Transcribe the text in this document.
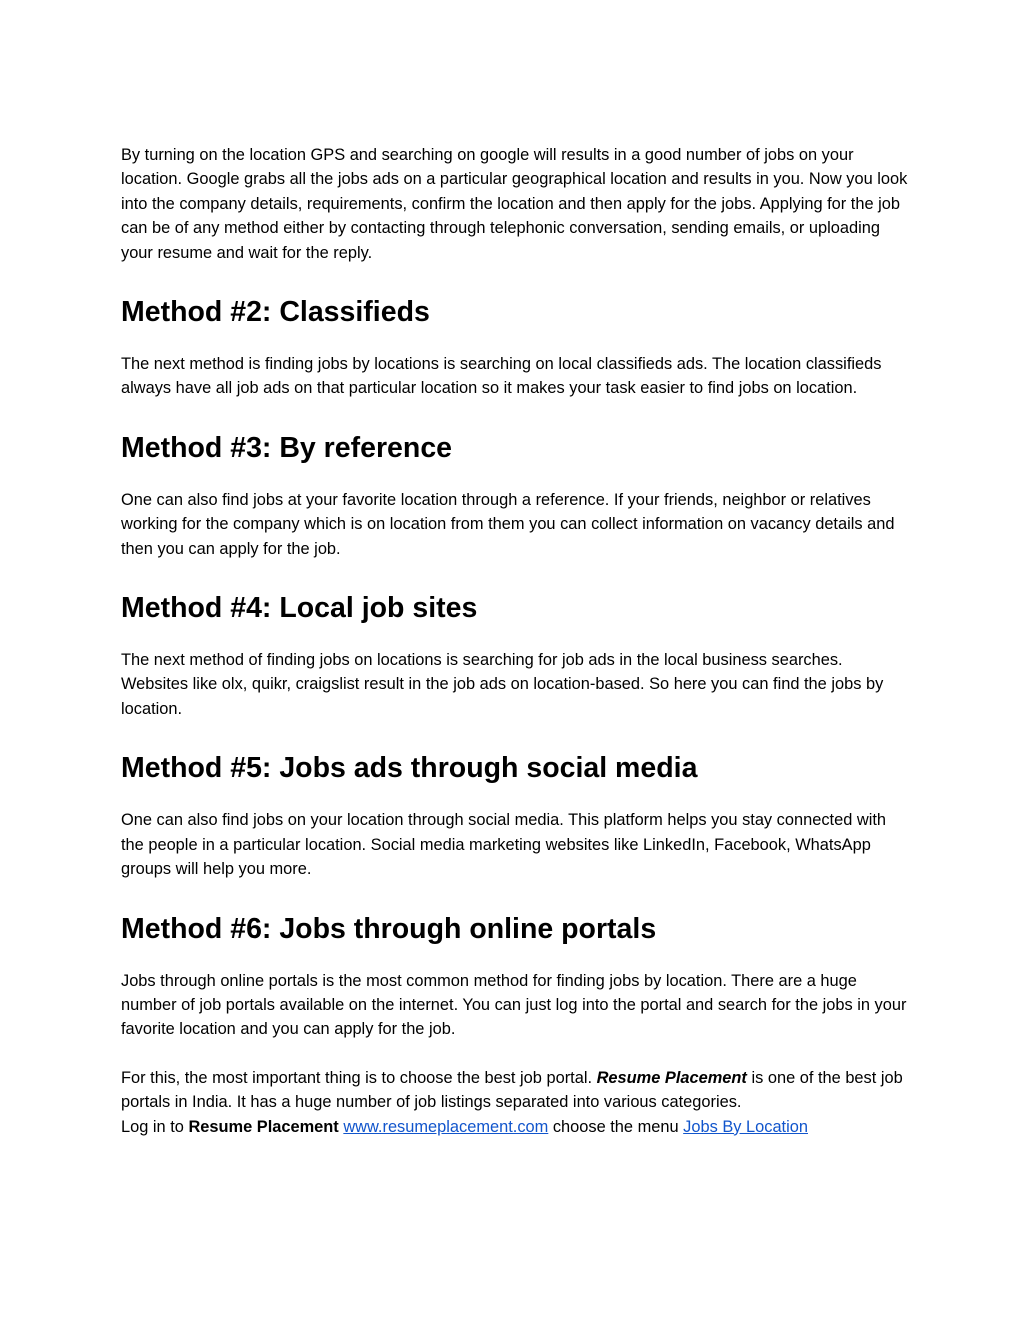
By turning on the location GPS and searching on google will results in a good number of jobs on your location. Google grabs all the jobs ads on a particular geographical location and results in you. Now you look into the company details, requirements, confirm the location and then apply for the jobs. Applying for the job can be of any method either by contacting through telephonic conversation, sending emails, or uploading your resume and wait for the reply.

Method #2: Classifieds

The next method is finding jobs by locations is searching on local classifieds ads. The location classifieds always have all job ads on that particular location so it makes your task easier to find jobs on location.

Method #3: By reference

One can also find jobs at your favorite location through a reference. If your friends, neighbor or relatives working for the company which is on location from them you can collect information on vacancy details and then you can apply for the job.

Method #4: Local job sites

The next method of finding jobs on locations is searching for job ads in the local business searches. Websites like olx, quikr, craigslist result in the job ads on location-based. So here you can find the jobs by location.

Method #5: Jobs ads through social media

One can also find jobs on your location through social media. This platform helps you stay connected with the people in a particular location. Social media marketing websites like LinkedIn, Facebook, WhatsApp groups will help you more.

Method #6: Jobs through online portals

Jobs through online portals is the most common method for finding jobs by location. There are a huge number of job portals available on the internet. You can just log into the portal and search for the jobs in your favorite location and you can apply for the job.

For this, the most important thing is to choose the best job portal. Resume Placement is one of the best job portals in India. It has a huge number of job listings separated into various categories.
Log in to Resume Placement www.resumeplacement.com choose the menu Jobs By Location
